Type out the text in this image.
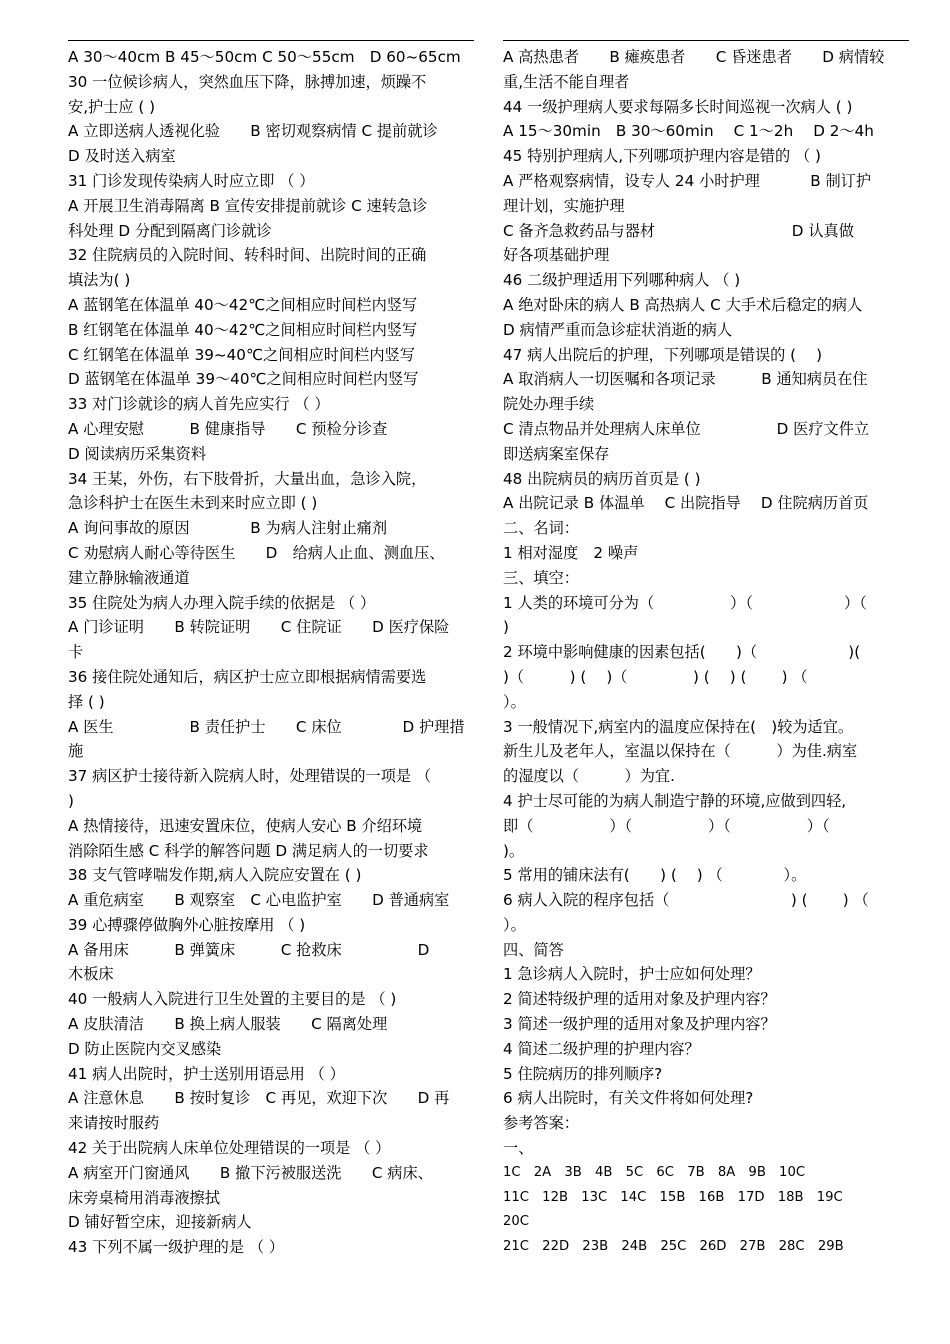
A 30～40cm B 45～50cm C 50～55cm　D 60~65cm
30 一位候诊病人，突然血压下降，脉搏加速，烦躁不
安,护士应 ( )
A 立即送病人透视化验　　B 密切观察病情 C 提前就诊
D 及时送入病室
31 门诊发现传染病人时应立即 （ ）
A 开展卫生消毒隔离 B 宣传安排提前就诊 C 速转急诊
科处理 D 分配到隔离门诊就诊
32 住院病员的入院时间、转科时间、出院时间的正确
填法为( )
A 蓝钢笔在体温单 40～42℃之间相应时间栏内竖写
B 红钢笔在体温单 40～42℃之间相应时间栏内竖写
C 红钢笔在体温单 39~40℃之间相应时间栏内竖写
D 蓝钢笔在体温单 39～40℃之间相应时间栏内竖写
33 对门诊就诊的病人首先应实行 （ ）
A 心理安慰　　　B 健康指导　　C 预检分诊查
D 阅读病历采集资料
34 王某，外伤，右下肢骨折，大量出血，急诊入院，
急诊科护士在医生未到来时应立即 ( )
A 询问事故的原因　　　　B 为病人注射止痛剂
C 劝慰病人耐心等待医生　　D　给病人止血、测血压、
建立静脉输液通道
35 住院处为病人办理入院手续的依据是 （ ）
A 门诊证明　　B 转院证明　　C 住院证　　D 医疗保险
卡
36 接住院处通知后，病区护士应立即根据病情需要选
择 ( )
A 医生　　　　　B 责任护士　　C 床位　　　　D 护理措
施
37 病区护士接待新入院病人时，处理错误的一项是 （
)
A 热情接待，迅速安置床位，使病人安心 B 介绍环境
消除陌生感 C 科学的解答问题 D 满足病人的一切要求
38 支气管哮喘发作期,病人入院应安置在 ( )
A 重危病室　　B 观察室　C 心电监护室　　D 普通病室
39 心搏骤停做胸外心脏按摩用 （ )
A 备用床　　　B 弹簧床　　　C 抢救床　　　　　D
木板床
40 一般病人入院进行卫生处置的主要目的是 （ )
A 皮肤清洁　　B 换上病人服装　　C 隔离处理
D 防止医院内交叉感染
41 病人出院时，护士送别用语忌用 （ ）
A 注意休息　　B 按时复诊　C 再见，欢迎下次　　D 再
来请按时服药
42 关于出院病人床单位处理错误的一项是 （ ）
A 病室开门窗通风　　B 撤下污被服送洗　　C 病床、
床旁桌椅用消毒液擦拭
D 铺好暂空床，迎接新病人
43 下列不属一级护理的是 （ ）
A 高热患者　　B 瘫痪患者　　C 昏迷患者　　D 病情较
重,生活不能自理者
44 一级护理病人要求每隔多长时间巡视一次病人 ( )
A 15～30min　B 30～60min　 C 1～2h　 D 2～4h
45 特别护理病人,下列哪项护理内容是错的 （ )
A 严格观察病情，设专人 24 小时护理　　　 B 制订护
理计划，实施护理
C 备齐急救药品与器材　　　　　　　　　D 认真做
好各项基础护理
46 二级护理适用下列哪种病人 （ )
A 绝对卧床的病人 B 高热病人 C 大手术后稳定的病人
D 病情严重而急诊症状消逝的病人
47 病人出院后的护理，下列哪项是错误的 (　 )
A 取消病人一切医嘱和各项记录　　　B 通知病员在住
院处办理手续
C 清点物品并处理病人床单位　　　　　D 医疗文件立
即送病案室保存
48 出院病员的病历首页是 ( )
A 出院记录 B 体温单　 C 出院指导　 D 住院病历首页
二、名词：
1 相对湿度　2 噪声
三、填空：
1 人类的环境可分为（　　　　　）（　　　　　　）（
)
2 环境中影响健康的因素包括(　　)（　　　　　　)(
)（　　　) (　 )（　　　　 ) (　 ) (　　 ) （
）。
3 一般情况下,病室内的温度应保持在(　)较为适宜。
新生儿及老年人，室温以保持在（　　　）为佳.病室
的湿度以（　　　）为宜.
4 护士尽可能的为病人制造宁静的环境,应做到四轻,
即（　　　　　）（　　　　　）（　　　　　）（
)。
5 常用的铺床法有(　　) (　 ) （　　　　）。
6 病人入院的程序包括（　　　　　　　　) (　　 ) （
）。
四、简答
1 急诊病人入院时，护士应如何处理？
2 简述特级护理的适用对象及护理内容？
3 简述一级护理的适用对象及护理内容？
4 简述二级护理的护理内容？
5 住院病历的排列顺序?
6 病人出院时，有关文件将如何处理?
参考答案：
一、
1C　2A　3B　4B　5C　6C　7B　8A　9B　10C
11C　12B　13C　14C　15B　16B　17D　18B　19C
20C
21C　22D　23B　24B　25C　26D　27B　28C　29B
